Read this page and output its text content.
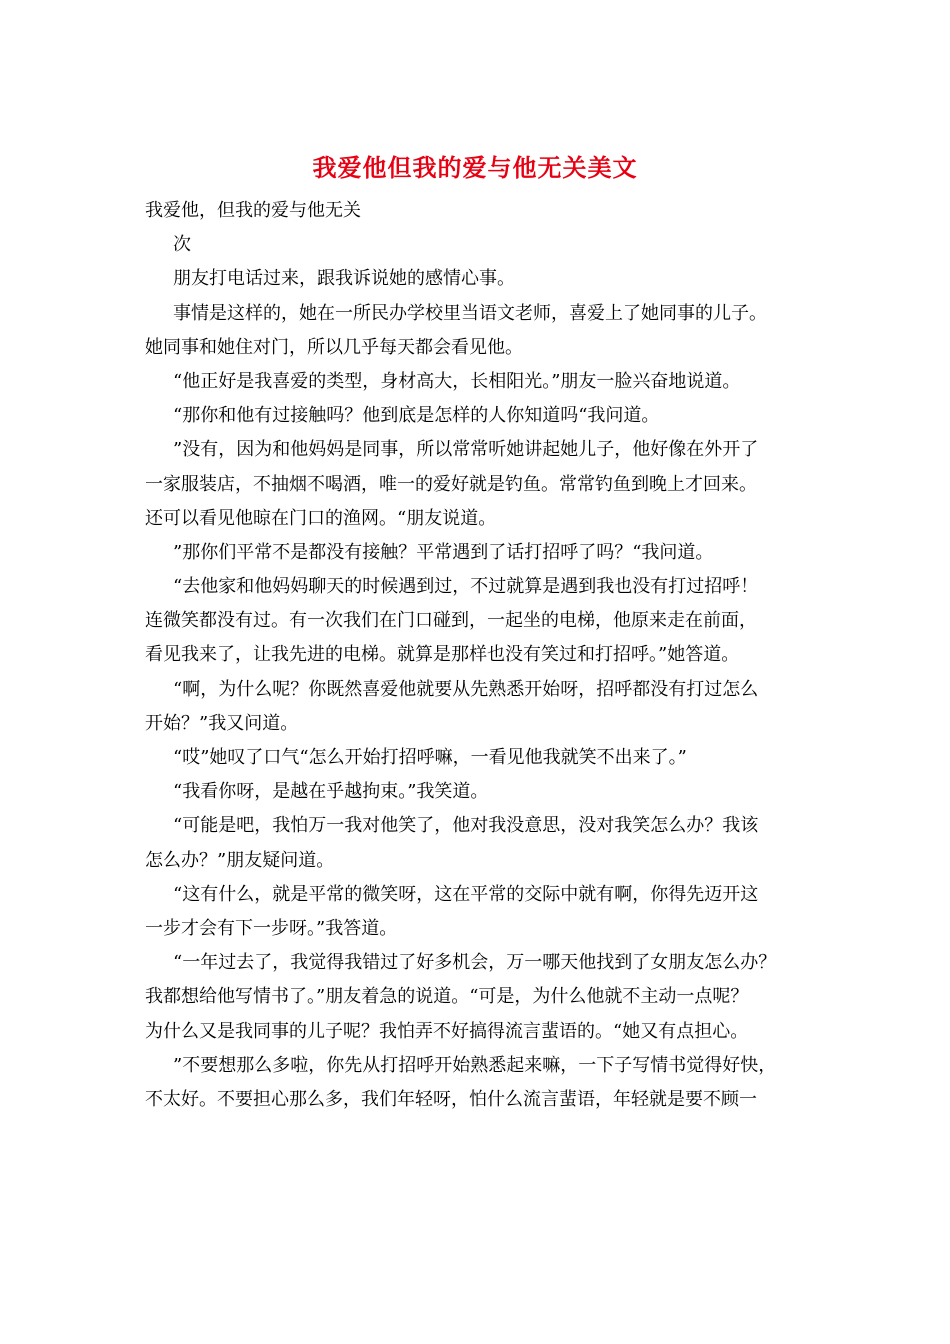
我爱他但我的爱与他无关美文
我爱他，但我的爱与他无关
次
朋友打电话过来，跟我诉说她的感情心事。
事情是这样的，她在一所民办学校里当语文老师，喜爱上了她同事的儿子。
她同事和她住对门，所以几乎每天都会看见他。
“他正好是我喜爱的类型，身材高大，长相阳光。”朋友一脸兴奋地说道。
“那你和他有过接触吗？他到底是怎样的人你知道吗“我问道。
”没有，因为和他妈妈是同事，所以常常听她讲起她儿子，他好像在外开了
一家服装店，不抽烟不喝酒，唯一的爱好就是钓鱼。常常钓鱼到晚上才回来。
还可以看见他晾在门口的渔网。“朋友说道。
”那你们平常不是都没有接触？平常遇到了话打招呼了吗？“我问道。
“去他家和他妈妈聊天的时候遇到过，不过就算是遇到我也没有打过招呼！
连微笑都没有过。有一次我们在门口碰到，一起坐的电梯，他原来走在前面，
看见我来了，让我先进的电梯。就算是那样也没有笑过和打招呼。”她答道。
“啊，为什么呢？你既然喜爱他就要从先熟悉开始呀，招呼都没有打过怎么
开始？”我又问道。
“哎”她叹了口气“怎么开始打招呼嘛，一看见他我就笑不出来了。”
“我看你呀，是越在乎越拘束。”我笑道。
“可能是吧，我怕万一我对他笑了，他对我没意思，没对我笑怎么办？我该
怎么办？”朋友疑问道。
“这有什么，就是平常的微笑呀，这在平常的交际中就有啊，你得先迈开这
一步才会有下一步呀。”我答道。
“一年过去了，我觉得我错过了好多机会，万一哪天他找到了女朋友怎么办？
我都想给他写情书了。”朋友着急的说道。“可是，为什么他就不主动一点呢？
为什么又是我同事的儿子呢？我怕弄不好搞得流言蜚语的。“她又有点担心。
”不要想那么多啦，你先从打招呼开始熟悉起来嘛，一下子写情书觉得好快，
不太好。不要担心那么多，我们年轻呀，怕什么流言蜚语，年轻就是要不顾一
